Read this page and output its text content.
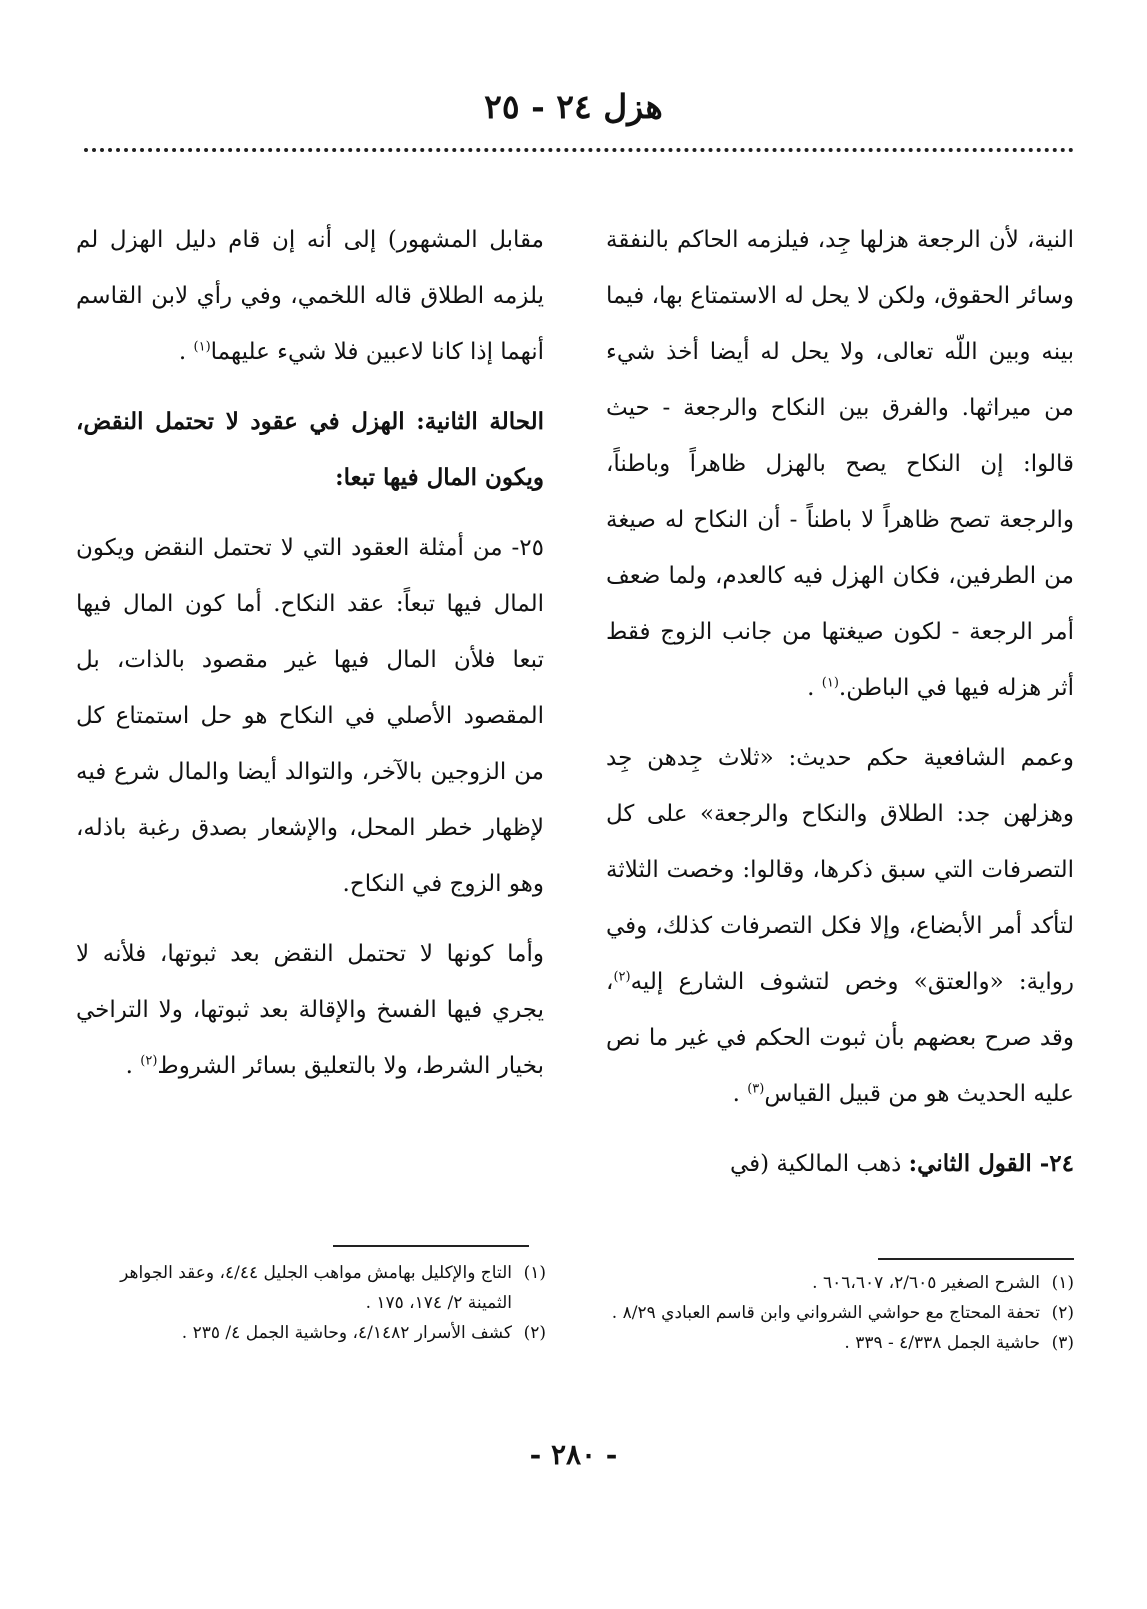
هزل ٢٤ - ٢٥

النية، لأن الرجعة هزلها جِد، فيلزمه الحاكم بالنفقة وسائر الحقوق، ولكن لا يحل له الاستمتاع بها، فيما بينه وبين اللّه تعالى، ولا يحل له أيضا أخذ شيء من ميراثها. والفرق بين النكاح والرجعة - حيث قالوا: إن النكاح يصح بالهزل ظاهراً وباطناً، والرجعة تصح ظاهراً لا باطناً - أن النكاح له صيغة من الطرفين، فكان الهزل فيه كالعدم، ولما ضعف أمر الرجعة - لكون صيغتها من جانب الزوج فقط أثر هزله فيها في الباطن.$^{(١)}$ .

وعمم الشافعية حكم حديث: «ثلاث جِدهن جِد وهزلهن جد: الطلاق والنكاح والرجعة» على كل التصرفات التي سبق ذكرها، وقالوا: وخصت الثلاثة لتأكد أمر الأبضاع، وإلا فكل التصرفات كذلك، وفي رواية: «والعتق» وخص لتشوف الشارع إليه$^{(٢)}$، وقد صرح بعضهم بأن ثبوت الحكم في غير ما نص عليه الحديث هو من قبيل القياس$^{(٣)}$ .

٢٤- القول الثاني: ذهب المالكية (في

مقابل المشهور) إلى أنه إن قام دليل الهزل لم يلزمه الطلاق قاله اللخمي، وفي رأي لابن القاسم أنهما إذا كانا لاعبين فلا شيء عليهما$^{(١)}$ .

الحالة الثانية: الهزل في عقود لا تحتمل النقض، ويكون المال فيها تبعا:

٢٥- من أمثلة العقود التي لا تحتمل النقض ويكون المال فيها تبعاً: عقد النكاح. أما كون المال فيها تبعا فلأن المال فيها غير مقصود بالذات، بل المقصود الأصلي في النكاح هو حل استمتاع كل من الزوجين بالآخر، والتوالد أيضا والمال شرع فيه لإظهار خطر المحل، والإشعار بصدق رغبة باذله، وهو الزوج في النكاح.

وأما كونها لا تحتمل النقض بعد ثبوتها، فلأنه لا يجري فيها الفسخ والإقالة بعد ثبوتها، ولا التراخي بخيار الشرط، ولا بالتعليق بسائر الشروط$^{(٢)}$ .

(١)
الشرح الصغير ٢/٦٠٥، ٦٠٦،٦٠٧ .

(٢)
تحفة المحتاج مع حواشي الشرواني وابن قاسم العبادي ٨/٢٩ .

(٣)
حاشية الجمل ٤/٣٣٨ - ٣٣٩ .

(١)
التاج والإكليل بهامش مواهب الجليل ٤/٤٤، وعقد الجواهر الثمينة ٢/ ١٧٤، ١٧٥ .

(٢)
كشف الأسرار ٤/١٤٨٢، وحاشية الجمل ٤/ ٢٣٥ .

- ٢٨٠ -
